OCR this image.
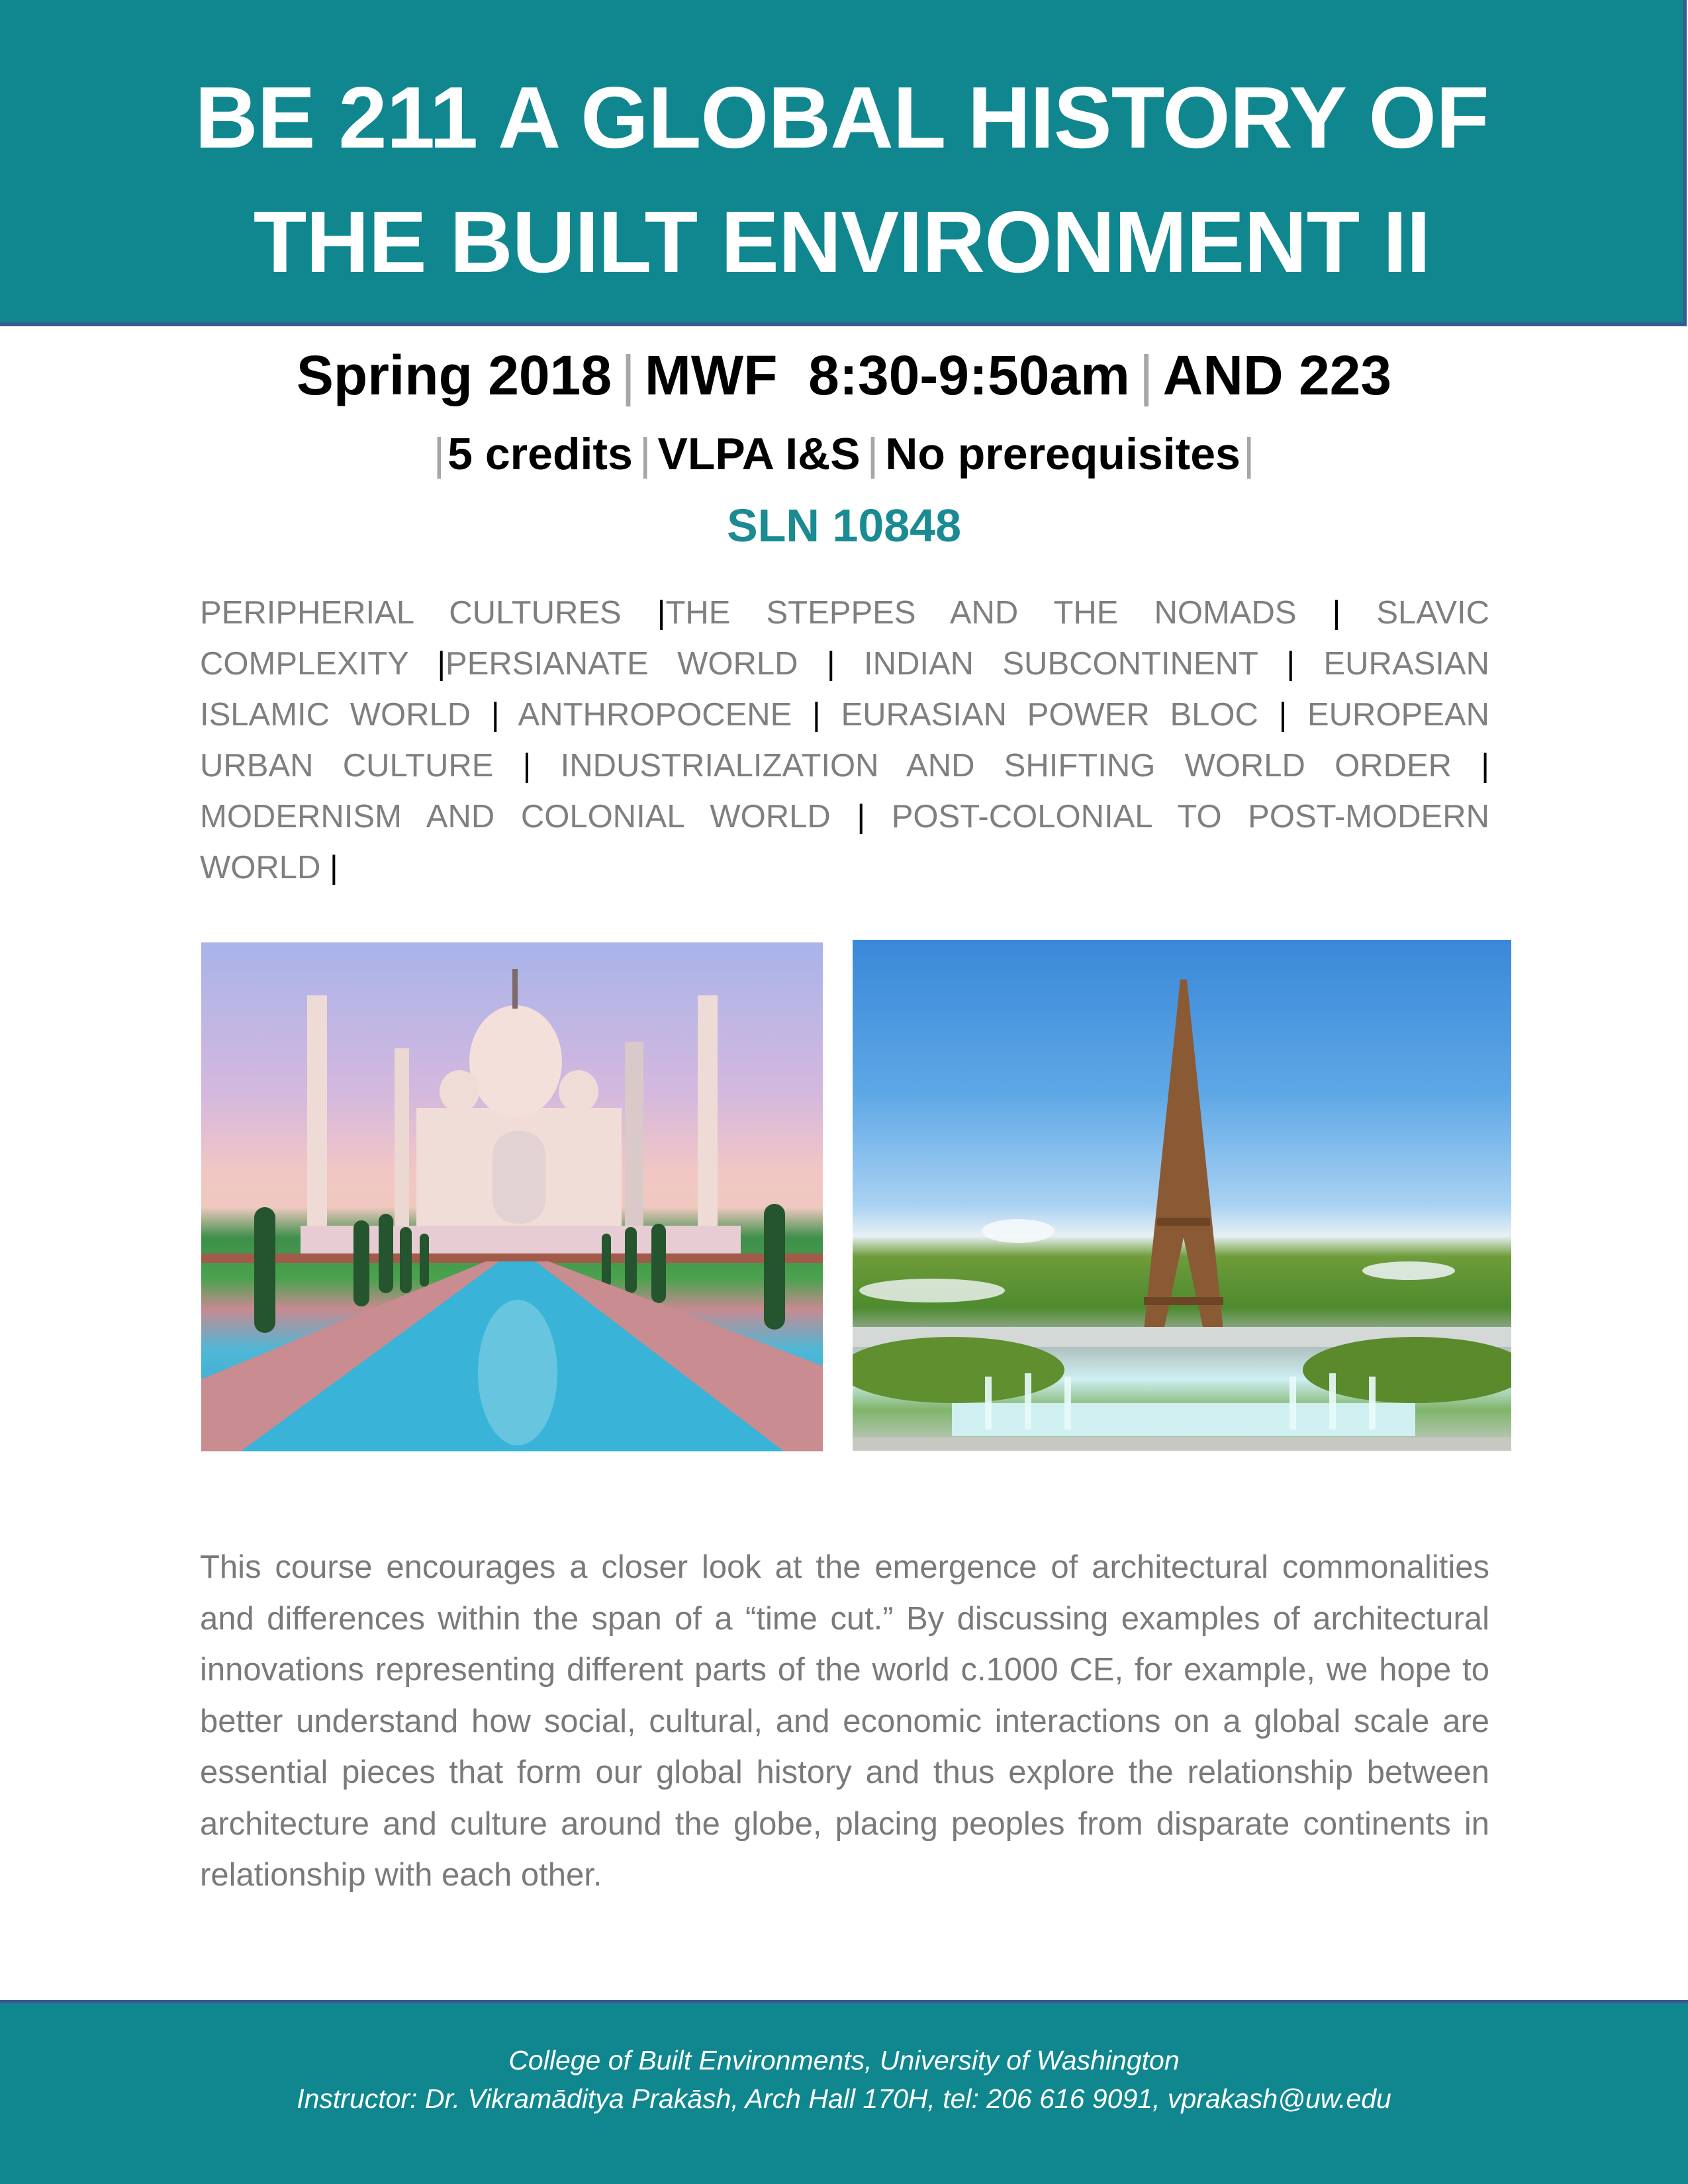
BE 211 A GLOBAL HISTORY OF
THE BUILT ENVIRONMENT II
Spring 2018 | MWF  8:30-9:50am | AND 223
|5 credits | VLPA I&S | No prerequisites|
SLN 10848
PERIPHERIAL CULTURES |THE STEPPES AND THE NOMADS | SLAVIC COMPLEXITY |PERSIANATE WORLD | INDIAN SUBCONTINENT | EURASIAN ISLAMIC WORLD | ANTHROPOCENE | EURASIAN POWER BLOC | EUROPEAN URBAN CULTURE | INDUSTRIALIZATION AND SHIFTING WORLD ORDER | MODERNISM AND COLONIAL WORLD | POST-COLONIAL TO POST-MODERN WORLD |
This course encourages a closer look at the emergence of architectural commonalities and differences within the span of a “time cut.” By discussing examples of architectural innovations representing different parts of the world c.1000 CE, for example, we hope to better understand how social, cultural, and economic interactions on a global scale are essential pieces that form our global history and thus explore the relationship between architecture and culture around the globe, placing peoples from disparate continents in relationship with each other.
College of Built Environments, University of Washington
Instructor: Dr. Vikramāditya Prakāsh, Arch Hall 170H, tel: 206 616 9091, vprakash@uw.edu
